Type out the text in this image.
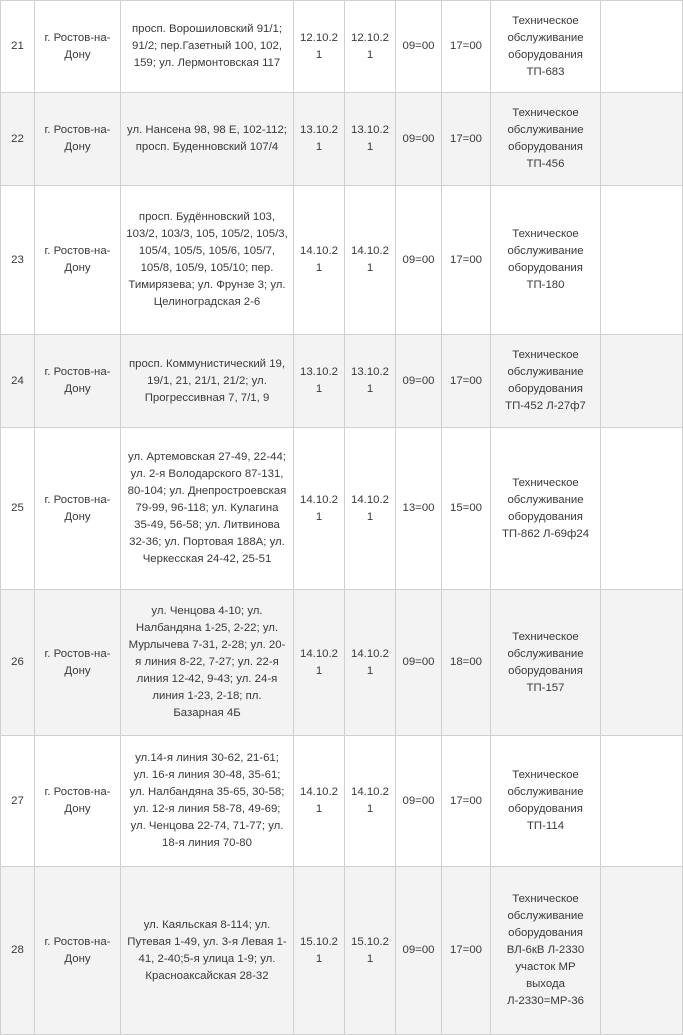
21	г. Ростов-на-Дону	просп. Ворошиловский 91/1; 91/2; пер.Газетный 100, 102, 159; ул. Лермонтовская 117	12.10.21	12.10.21	09=00	17=00	Техническое обслуживание оборудования ТП-683	
22	г. Ростов-на-Дону	ул. Нансена 98, 98 Е, 102-112; просп. Буденновский 107/4	13.10.21	13.10.21	09=00	17=00	Техническое обслуживание оборудования ТП-456	
23	г. Ростов-на-Дону	просп. Будённовский 103, 103/2, 103/3, 105, 105/2, 105/3, 105/4, 105/5, 105/6, 105/7, 105/8, 105/9, 105/10; пер. Тимирязева; ул. Фрунзе 3; ул. Целиноградская 2-6	14.10.21	14.10.21	09=00	17=00	Техническое обслуживание оборудования ТП-180	
24	г. Ростов-на-Дону	просп. Коммунистический 19, 19/1, 21, 21/1, 21/2; ул. Прогрессивная 7, 7/1, 9	13.10.21	13.10.21	09=00	17=00	Техническое обслуживание оборудования ТП-452 Л-27ф7	
25	г. Ростов-на-Дону	ул. Артемовская 27-49, 22-44; ул. 2-я Володарского 87-131, 80-104; ул. Днепростроевская 79-99, 96-118; ул. Кулагина 35-49, 56-58; ул. Литвинова 32-36; ул. Портовая 188А; ул. Черкесская 24-42, 25-51	14.10.21	14.10.21	13=00	15=00	Техническое обслуживание оборудования ТП-862 Л-69ф24	
26	г. Ростов-на-Дону	ул. Ченцова 4-10; ул. Налбандяна 1-25, 2-22; ул. Мурлычева 7-31, 2-28; ул. 20-я линия 8-22, 7-27; ул. 22-я линия 12-42, 9-43; ул. 24-я линия 1-23, 2-18; пл. Базарная 4Б	14.10.21	14.10.21	09=00	18=00	Техническое обслуживание оборудования ТП-157	
27	г. Ростов-на-Дону	ул.14-я линия 30-62, 21-61; ул. 16-я линия 30-48, 35-61; ул. Налбандяна 35-65, 30-58; ул. 12-я линия 58-78, 49-69; ул. Ченцова 22-74, 71-77; ул. 18-я линия 70-80	14.10.21	14.10.21	09=00	17=00	Техническое обслуживание оборудования ТП-114	
28	г. Ростов-на-Дону	ул. Каяльская 8-114; ул. Путевая 1-49, ул. 3-я Левая 1-41, 2-40;5-я улица 1-9; ул. Красноаксайская 28-32	15.10.21	15.10.21	09=00	17=00	Техническое обслуживание оборудования ВЛ-6кВ Л-2330 участок МР выхода Л-2330=МР-36	
